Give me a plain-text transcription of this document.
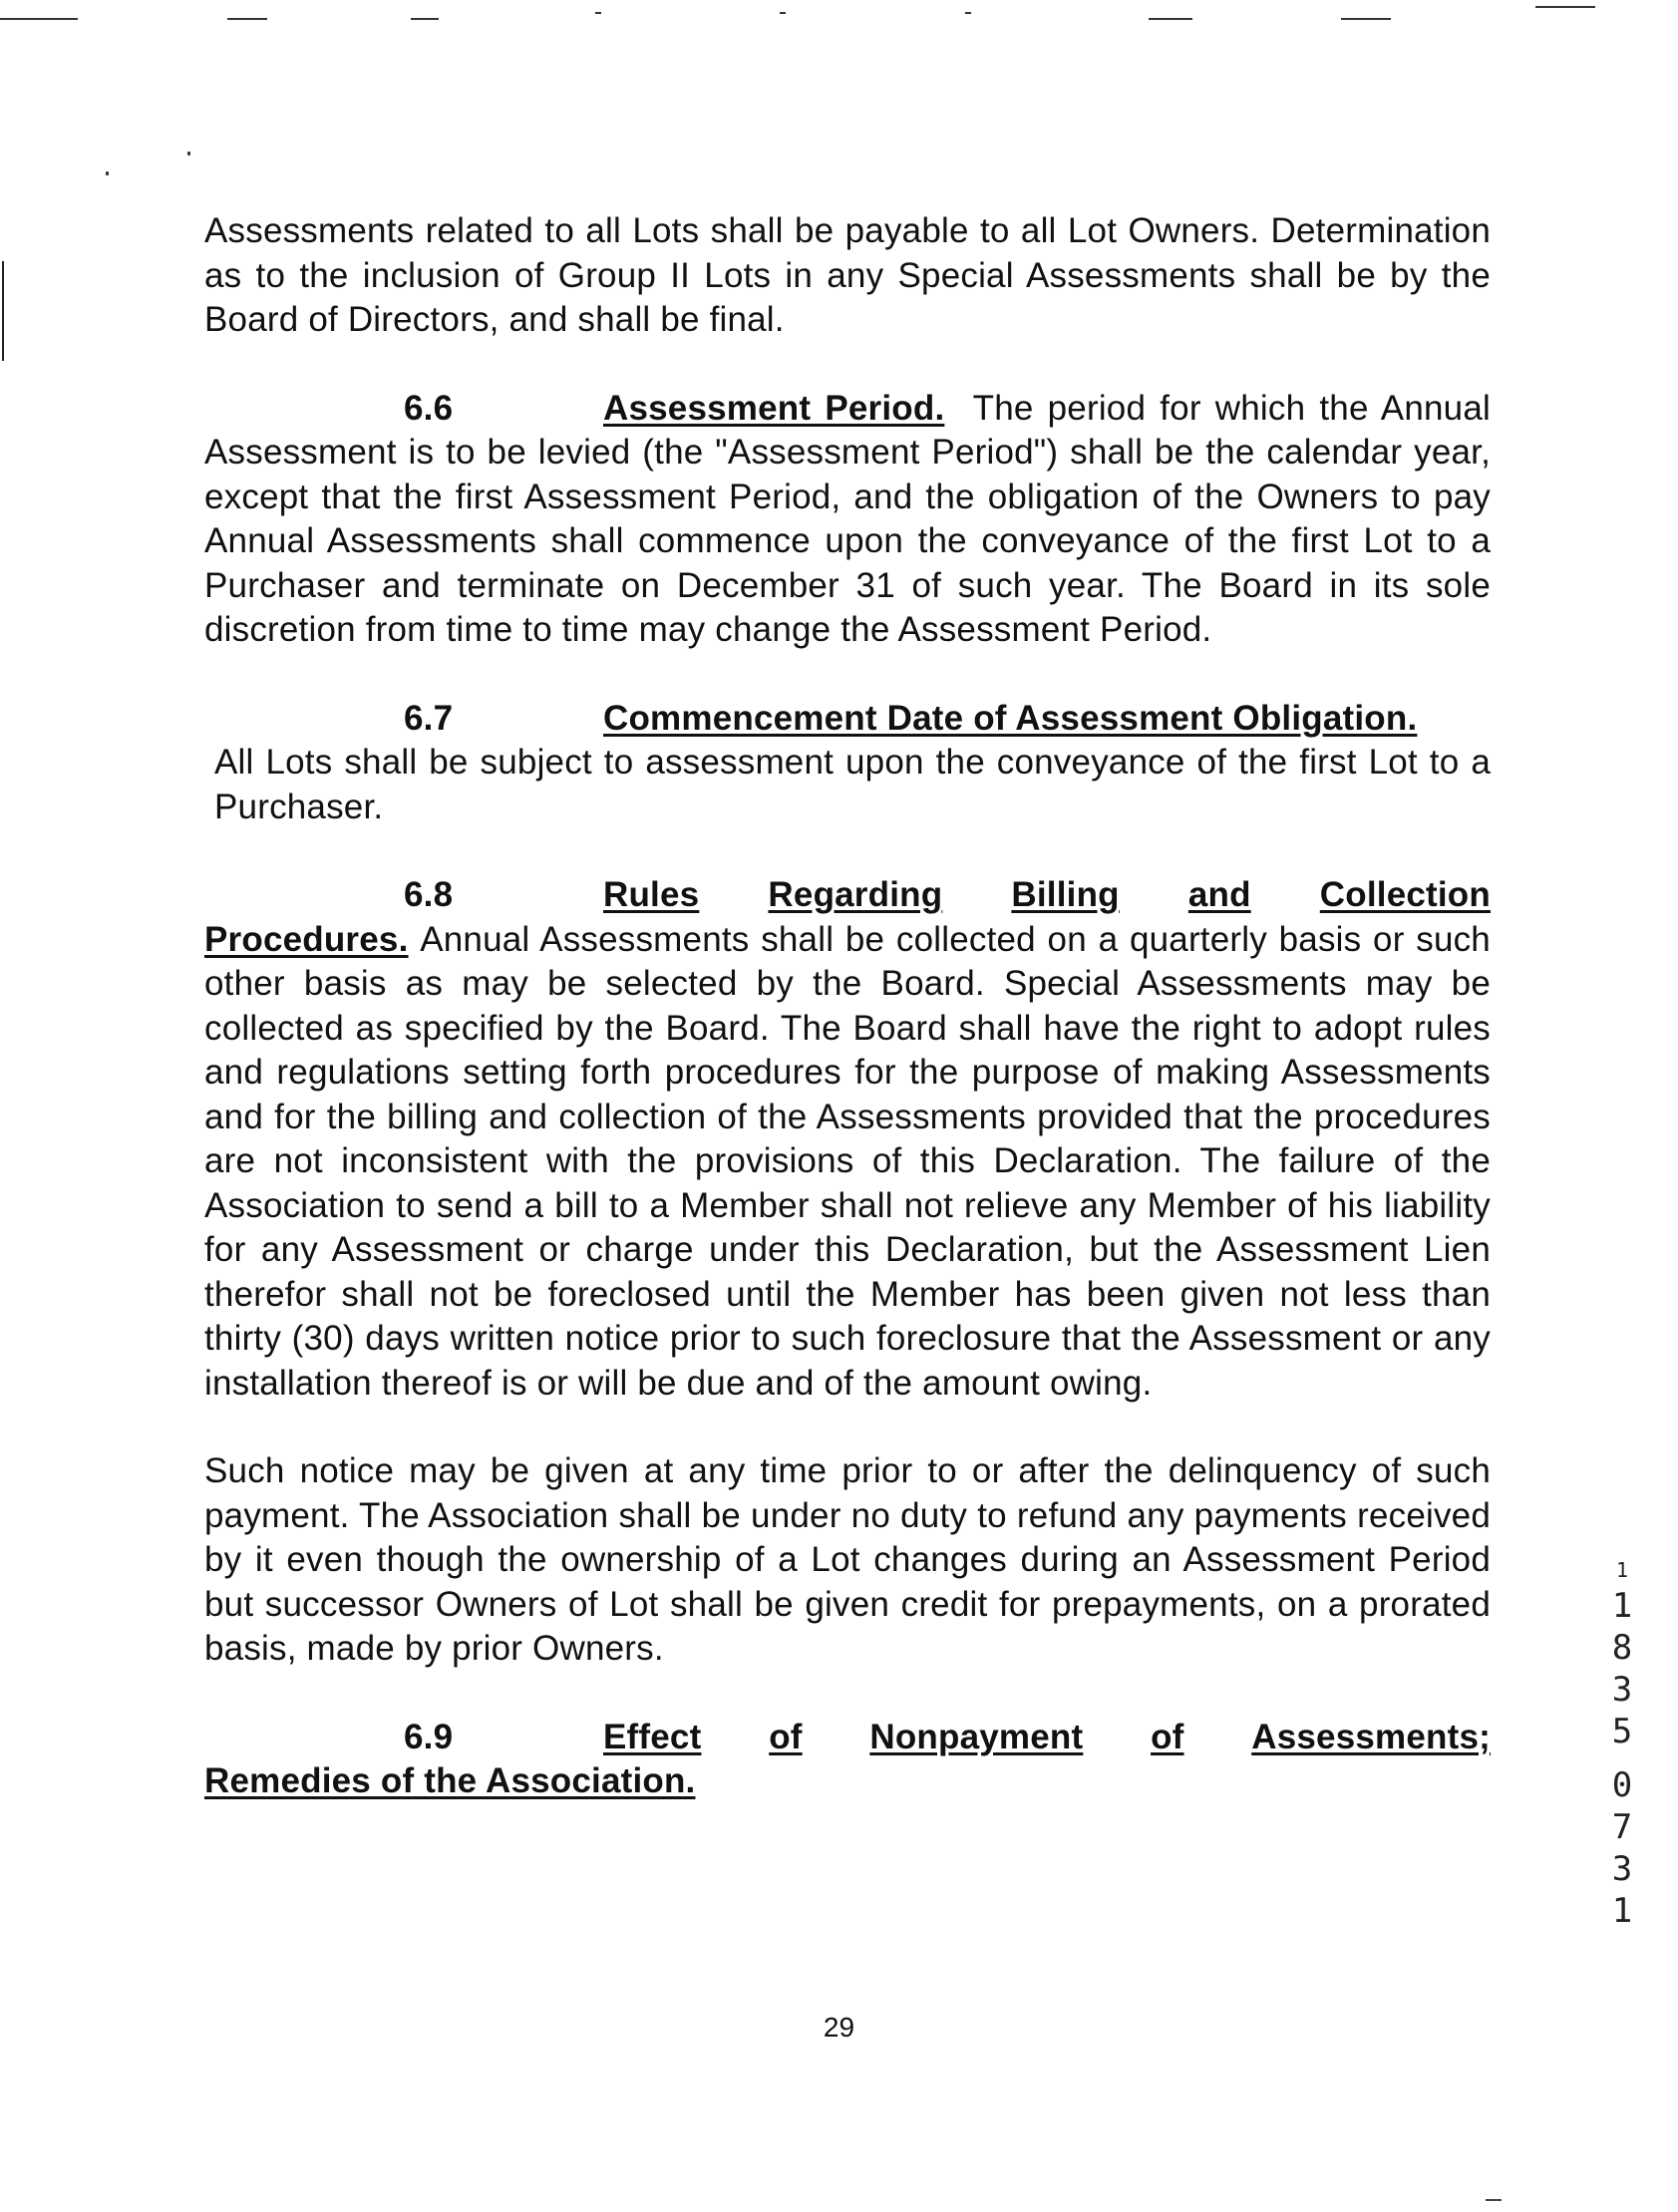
Assessments related to all Lots shall be payable to all Lot Owners. Determination as to the inclusion of Group II Lots in any Special Assessments shall be by the Board of Directors, and shall be final.

6.6	Assessment Period. The period for which the Annual Assessment is to be levied (the "Assessment Period") shall be the calendar year, except that the first Assessment Period, and the obligation of the Owners to pay Annual Assessments shall commence upon the conveyance of the first Lot to a Purchaser and terminate on December 31 of such year. The Board in its sole discretion from time to time may change the Assessment Period.

6.7	Commencement Date of Assessment Obligation.

All Lots shall be subject to assessment upon the conveyance of the first Lot to a Purchaser.

6.8	Rules Regarding Billing and Collection

Procedures. Annual Assessments shall be collected on a quarterly basis or such other basis as may be selected by the Board. Special Assessments may be collected as specified by the Board. The Board shall have the right to adopt rules and regulations setting forth procedures for the purpose of making Assessments and for the billing and collection of the Assessments provided that the procedures are not inconsistent with the provisions of this Declaration. The failure of the Association to send a bill to a Member shall not relieve any Member of his liability for any Assessment or charge under this Declaration, but the Assessment Lien therefor shall not be foreclosed until the Member has been given not less than thirty (30) days written notice prior to such foreclosure that the Assessment or any installation thereof is or will be due and of the amount owing.

Such notice may be given at any time prior to or after the delinquency of such payment. The Association shall be under no duty to refund any payments received by it even though the ownership of a Lot changes during an Assessment Period but successor Owners of Lot shall be given credit for prepayments, on a prorated basis, made by prior Owners.

6.9	Effect of Nonpayment of Assessments;

Remedies of the Association.

29
1
1
8
3
5
0
7
3
1
